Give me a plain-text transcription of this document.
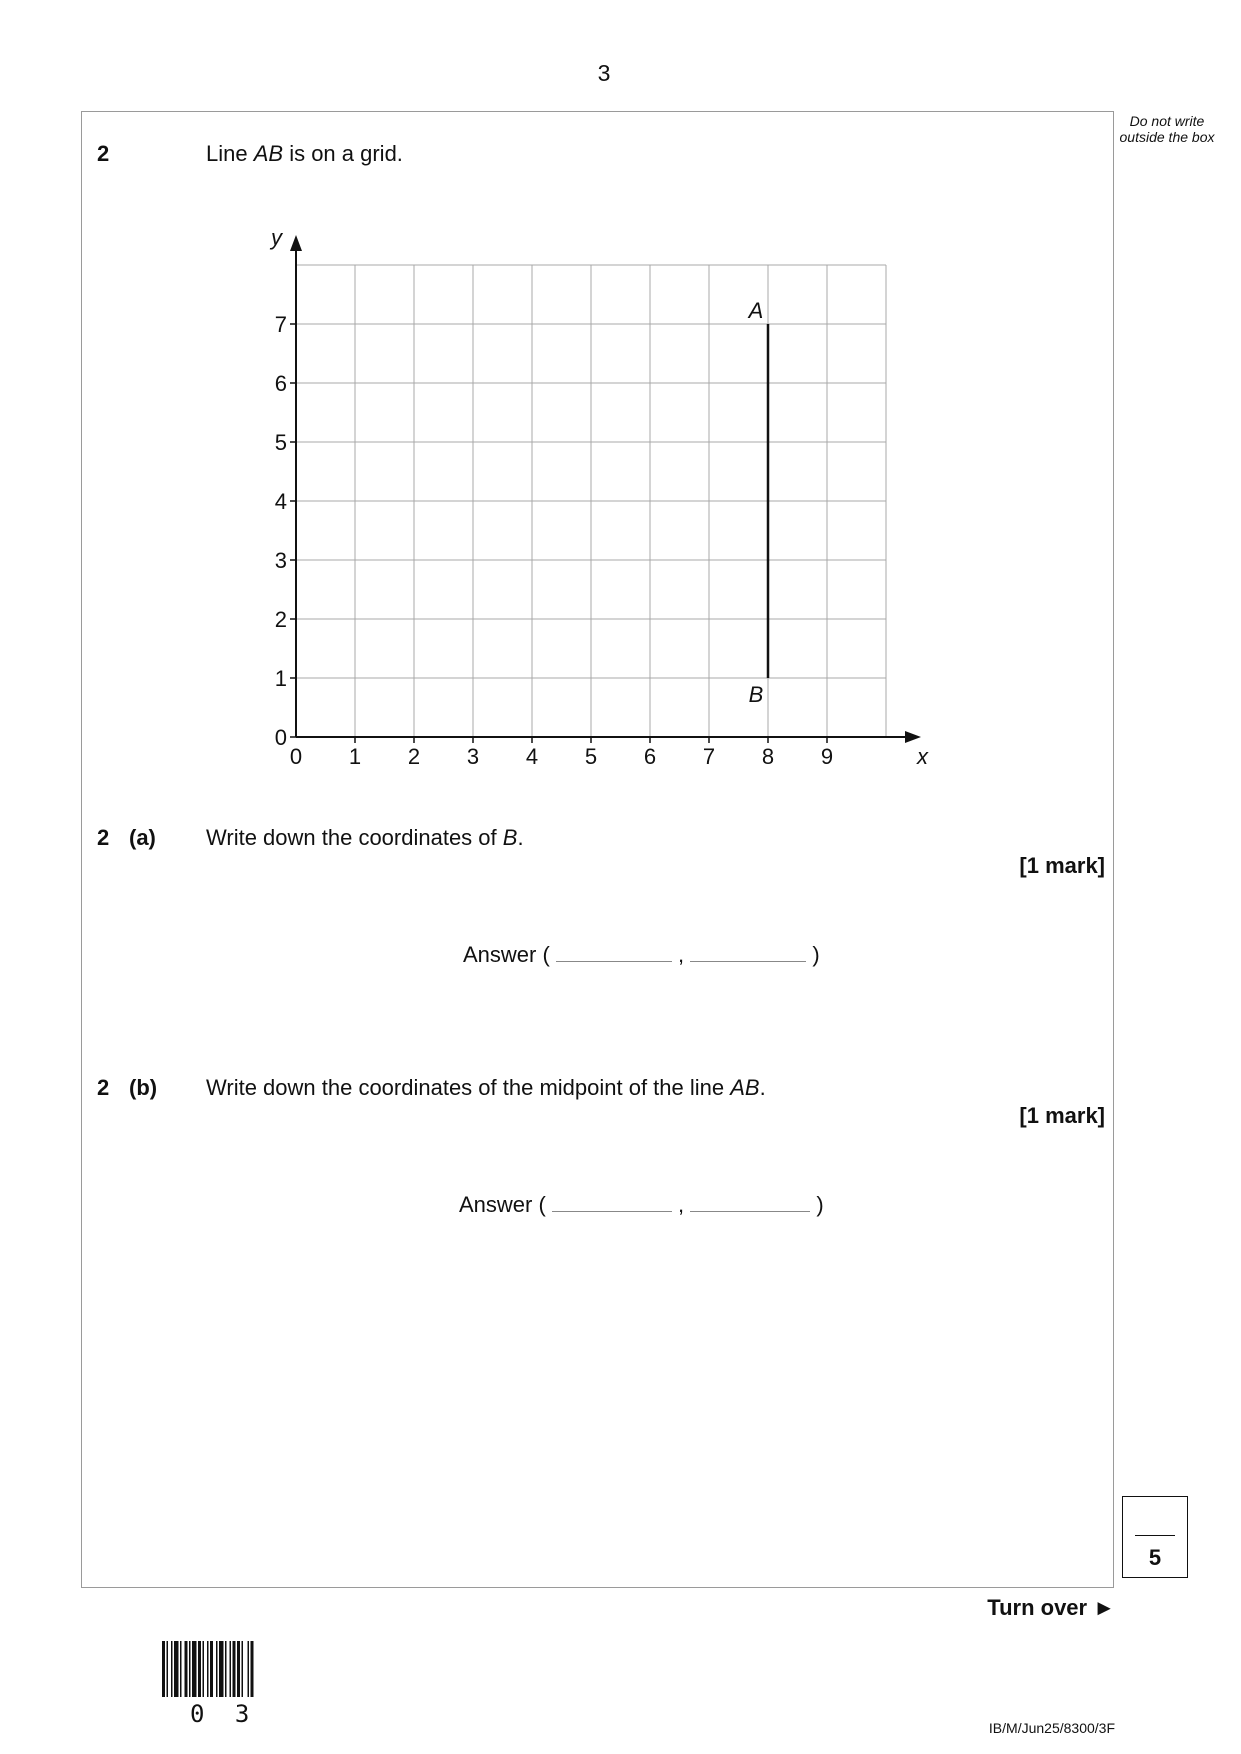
3
Do not write outside the box
2	Line AB is on a grid.
0 1 2 3 4 5 6 7 8 9
0
1
2
3
4
5
6
7
x
y
A
B
2 (a) Write down the coordinates of B.
[1 mark]
Answer (	,	)
2 (b) Write down the coordinates of the midpoint of the line AB.
[1 mark]
Answer (	,	)
5
Turn over ►
0 3	IB/M/Jun25/8300/3F
